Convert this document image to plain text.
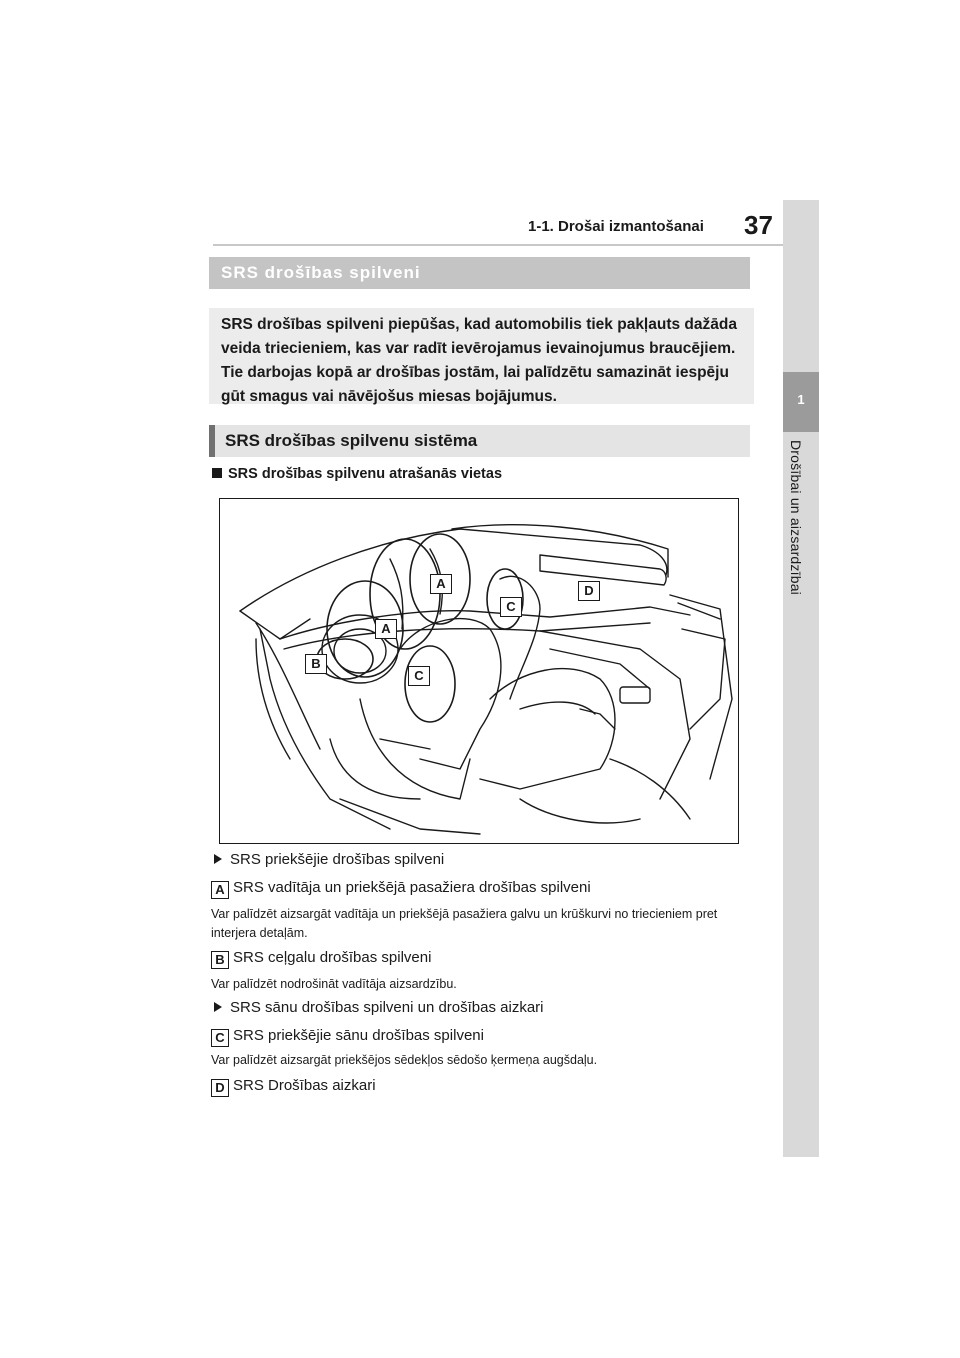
1-1. Drošai izmantošanai 37
1
Drošībai un aizsardzībai
SRS drošības spilveni

SRS drošības spilveni piepūšas, kad automobilis tiek pakļauts dažāda veida triecieniem, kas var radīt ievērojamus ievainojumus braucējiem. Tie darbojas kopā ar drošības jostām, lai palīdzētu samazināt iespēju gūt smagus vai nāvējošus miesas bojājumus.

SRS drošības spilvenu sistēma
SRS drošības spilvenu atrašanās vietas
A
A
B
C
C
D
SRS priekšējie drošības spilveni
A SRS vadītāja un priekšējā pasažiera drošības spilveni
Var palīdzēt aizsargāt vadītāja un priekšējā pasažiera galvu un krūškurvi no triecieniem pret interjera detaļām.
B SRS ceļgalu drošības spilveni
Var palīdzēt nodrošināt vadītāja aizsardzību.
SRS sānu drošības spilveni un drošības aizkari
C SRS priekšējie sānu drošības spilveni
Var palīdzēt aizsargāt priekšējos sēdekļos sēdošo ķermeņa augšdaļu.
D SRS Drošības aizkari
